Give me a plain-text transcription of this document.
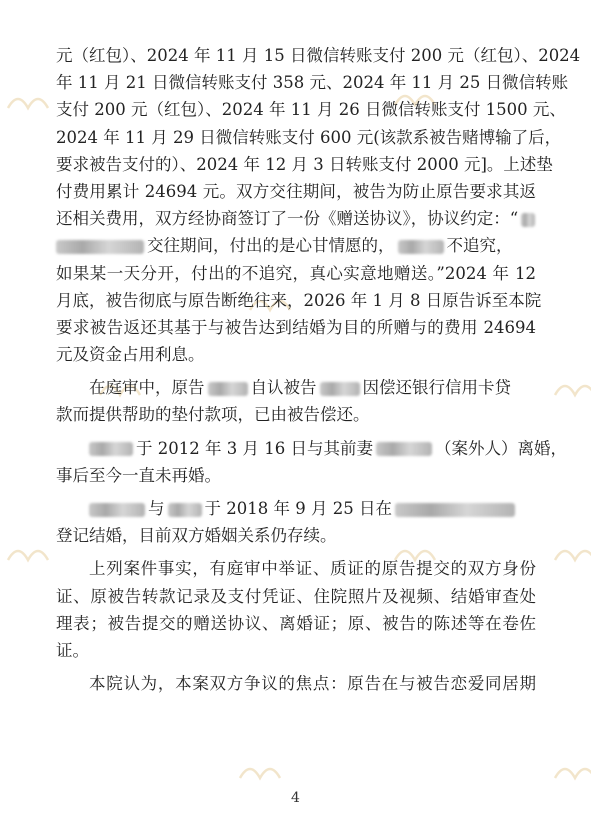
元（红包）、2024 年 11 月 15 日微信转账支付 200 元（红包）、2024
年 11 月 21 日微信转账支付 358 元、2024 年 11 月 25 日微信转账
支付 200 元（红包）、2024 年 11 月 26 日微信转账支付 1500 元、
2024 年 11 月 29 日微信转账支付 600 元(该款系被告赌博输了后，
要求被告支付的）、2024 年 12 月 3 日转账支付 2000 元]。上述垫
付费用累计 24694 元。双方交往期间，被告为防止原告要求其返
还相关费用，双方经协商签订了一份《赠送协议》，协议约定：“
交往期间，付出的是心甘情愿的，	不追究，
如果某一天分开，付出的不追究，真心实意地赠送。”2024 年 12
月底，被告彻底与原告断绝往来，2026 年 1 月 8 日原告诉至本院
要求被告返还其基于与被告达到结婚为目的所赠与的费用 24694
元及资金占用利息。
在庭审中，原告	自认被告	因偿还银行信用卡贷
款而提供帮助的垫付款项，已由被告偿还。
于 2012 年 3 月 16 日与其前妻	（案外人）离婚，
事后至今一直未再婚。
与 于 2018 年 9 月 25 日在
登记结婚，目前双方婚姻关系仍存续。
上列案件事实，有庭审中举证、质证的原告提交的双方身份
证、原被告转款记录及支付凭证、住院照片及视频、结婚审查处
理表；被告提交的赠送协议、离婚证；原、被告的陈述等在卷佐
证。
本院认为，本案双方争议的焦点：原告在与被告恋爱同居期
4
